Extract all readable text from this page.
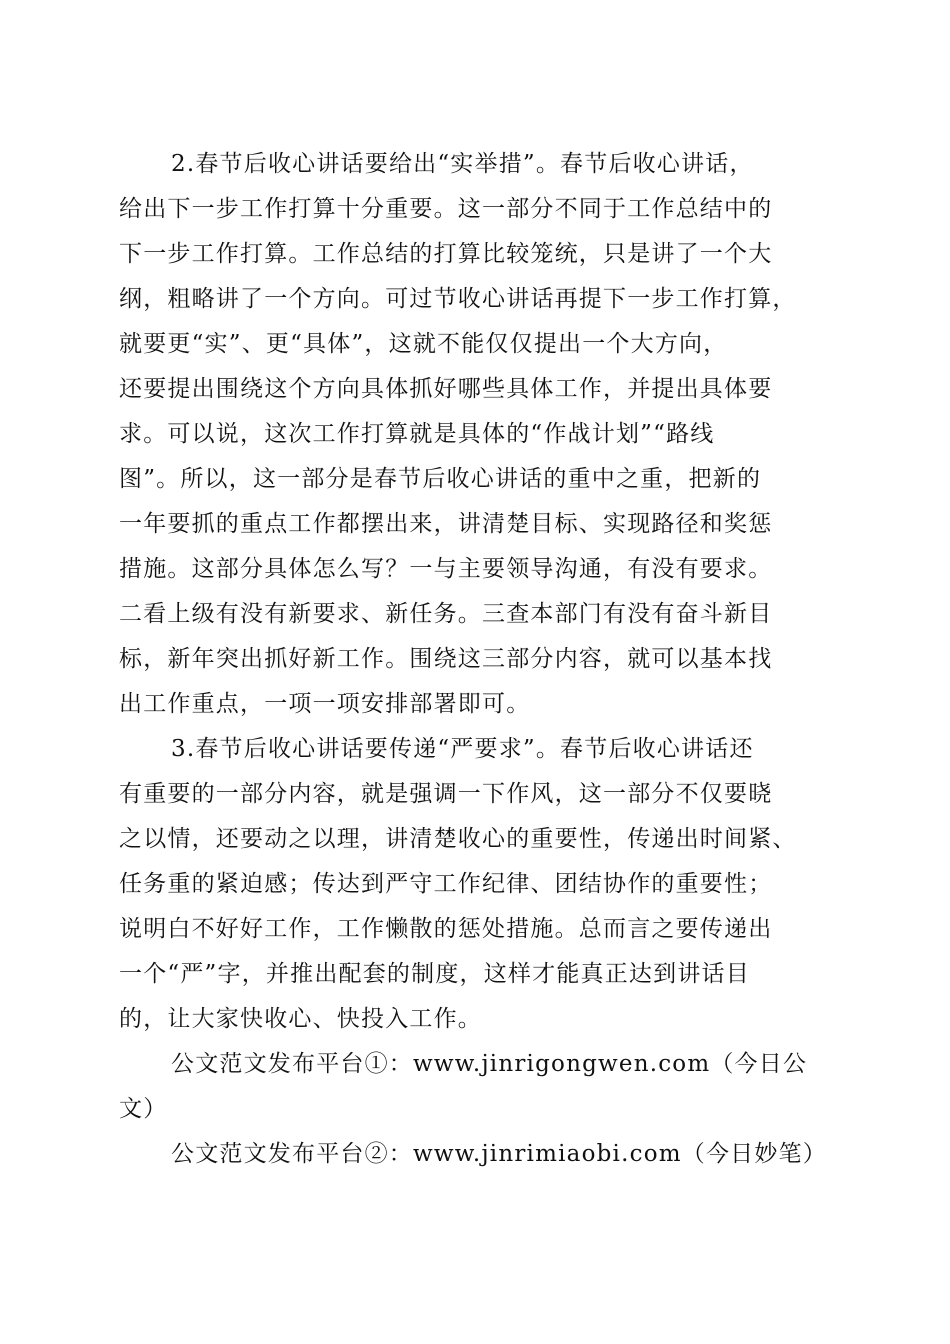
2.春节后收心讲话要给出“实举措”。春节后收心讲话，
给出下一步工作打算十分重要。这一部分不同于工作总结中的
下一步工作打算。工作总结的打算比较笼统，只是讲了一个大
纲，粗略讲了一个方向。可过节收心讲话再提下一步工作打算，
就要更“实”、更“具体”，这就不能仅仅提出一个大方向，
还要提出围绕这个方向具体抓好哪些具体工作，并提出具体要
求。可以说，这次工作打算就是具体的“作战计划”“路线
图”。所以，这一部分是春节后收心讲话的重中之重，把新的
一年要抓的重点工作都摆出来，讲清楚目标、实现路径和奖惩
措施。这部分具体怎么写？一与主要领导沟通，有没有要求。
二看上级有没有新要求、新任务。三查本部门有没有奋斗新目
标，新年突出抓好新工作。围绕这三部分内容，就可以基本找
出工作重点，一项一项安排部署即可。
3.春节后收心讲话要传递“严要求”。春节后收心讲话还
有重要的一部分内容，就是强调一下作风，这一部分不仅要晓
之以情，还要动之以理，讲清楚收心的重要性，传递出时间紧、
任务重的紧迫感；传达到严守工作纪律、团结协作的重要性；
说明白不好好工作，工作懒散的惩处措施。总而言之要传递出
一个“严”字，并推出配套的制度，这样才能真正达到讲话目
的，让大家快收心、快投入工作。
公文范文发布平台①：www.jinrigongwen.com（今日公
文）
公文范文发布平台②：www.jinrimiaobi.com（今日妙笔）
